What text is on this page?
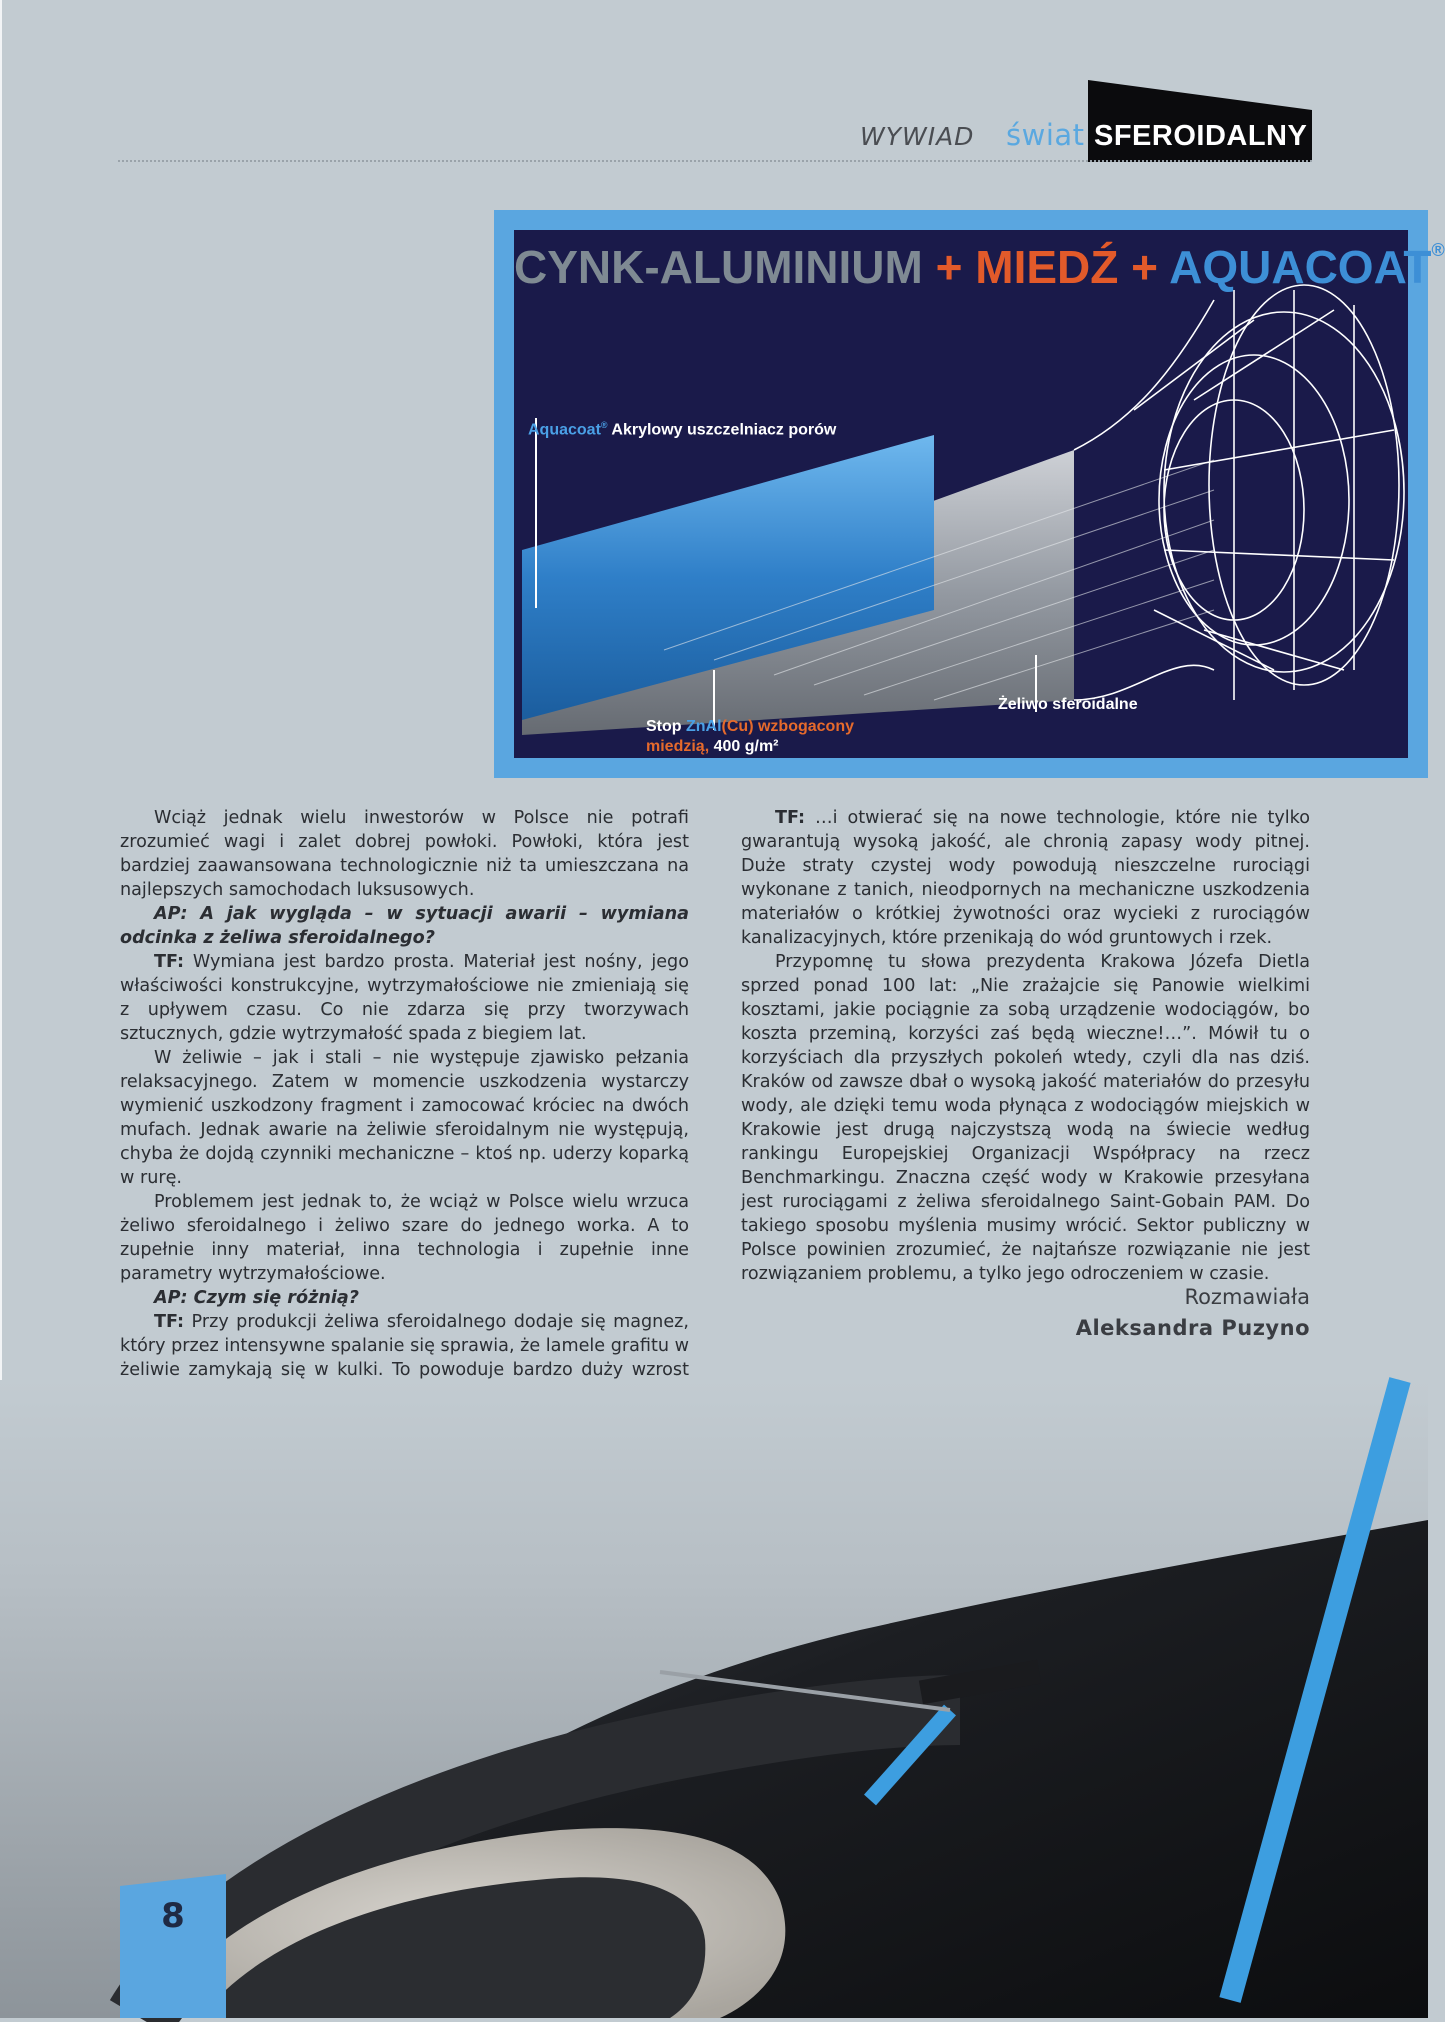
WYWIAD świat SFEROIDALNY
CYNK-ALUMINIUM + MIEDŹ + AQUACOAT®
Aquacoat® Akrylowy uszczelniacz porów
Stop ZnAl(Cu) wzbogacony
miedzią, 400 g/m²
Żeliwo sferoidalne

Wciąż jednak wielu inwestorów w Polsce nie potrafi zrozumieć wagi i zalet dobrej powłoki. Powłoki, która jest bardziej zaawansowana technologicznie niż ta umieszczana na najlepszych samochodach luksusowych.

AP: A jak wygląda – w sytuacji awarii – wymiana odcinka z żeliwa sferoidalnego?

TF: Wymiana jest bardzo prosta. Materiał jest nośny, jego właściwości konstrukcyjne, wytrzymałościowe nie zmieniają się z upływem czasu. Co nie zdarza się przy tworzywach sztucznych, gdzie wytrzymałość spada z biegiem lat.

W żeliwie – jak i stali – nie występuje zjawisko pełzania relaksacyjnego. Zatem w momencie uszkodzenia wystarczy wymienić uszkodzony fragment i zamocować króciec na dwóch mufach. Jednak awarie na żeliwie sferoidalnym nie występują, chyba że dojdą czynniki mechaniczne – ktoś np. uderzy koparką w rurę.

Problemem jest jednak to, że wciąż w Polsce wielu wrzuca żeliwo sferoidalnego i żeliwo szare do jednego worka. A to zupełnie inny materiał, inna technologia i zupełnie inne parametry wytrzymałościowe.

AP: Czym się różnią?

TF: Przy produkcji żeliwa sferoidalnego dodaje się magnez, który przez intensywne spalanie się sprawia, że lamele grafitu w żeliwie zamykają się w kulki. To powoduje bardzo duży wzrost

TF: …i otwierać się na nowe technologie, które nie tylko gwarantują wysoką jakość, ale chronią zapasy wody pitnej. Duże straty czystej wody powodują nieszczelne rurociągi wykonane z tanich, nieodpornych na mechaniczne uszkodzenia materiałów o krótkiej żywotności oraz wycieki z rurociągów kanalizacyjnych, które przenikają do wód gruntowych i rzek.

Przypomnę tu słowa prezydenta Krakowa Józefa Dietla sprzed ponad 100 lat: „Nie zrażajcie się Panowie wielkimi kosztami, jakie pociągnie za sobą urządzenie wodociągów, bo koszta przeminą, korzyści zaś będą wieczne!…”. Mówił tu o korzyściach dla przyszłych pokoleń wtedy, czyli dla nas dziś. Kraków od zawsze dbał o wysoką jakość materiałów do przesyłu wody, ale dzięki temu woda płynąca z wodociągów miejskich w Krakowie jest drugą najczystszą wodą na świecie według rankingu Europejskiej Organizacji Współpracy na rzecz Benchmarkingu. Znaczna część wody w Krakowie przesyłana jest rurociągami z żeliwa sferoidalnego Saint-Gobain PAM. Do takiego sposobu myślenia musimy wrócić. Sektor publiczny w Polsce powinien zrozumieć, że najtańsze rozwiązanie nie jest rozwiązaniem problemu, a tylko jego odroczeniem w czasie.

Rozmawiała
Aleksandra Puzyno
8
